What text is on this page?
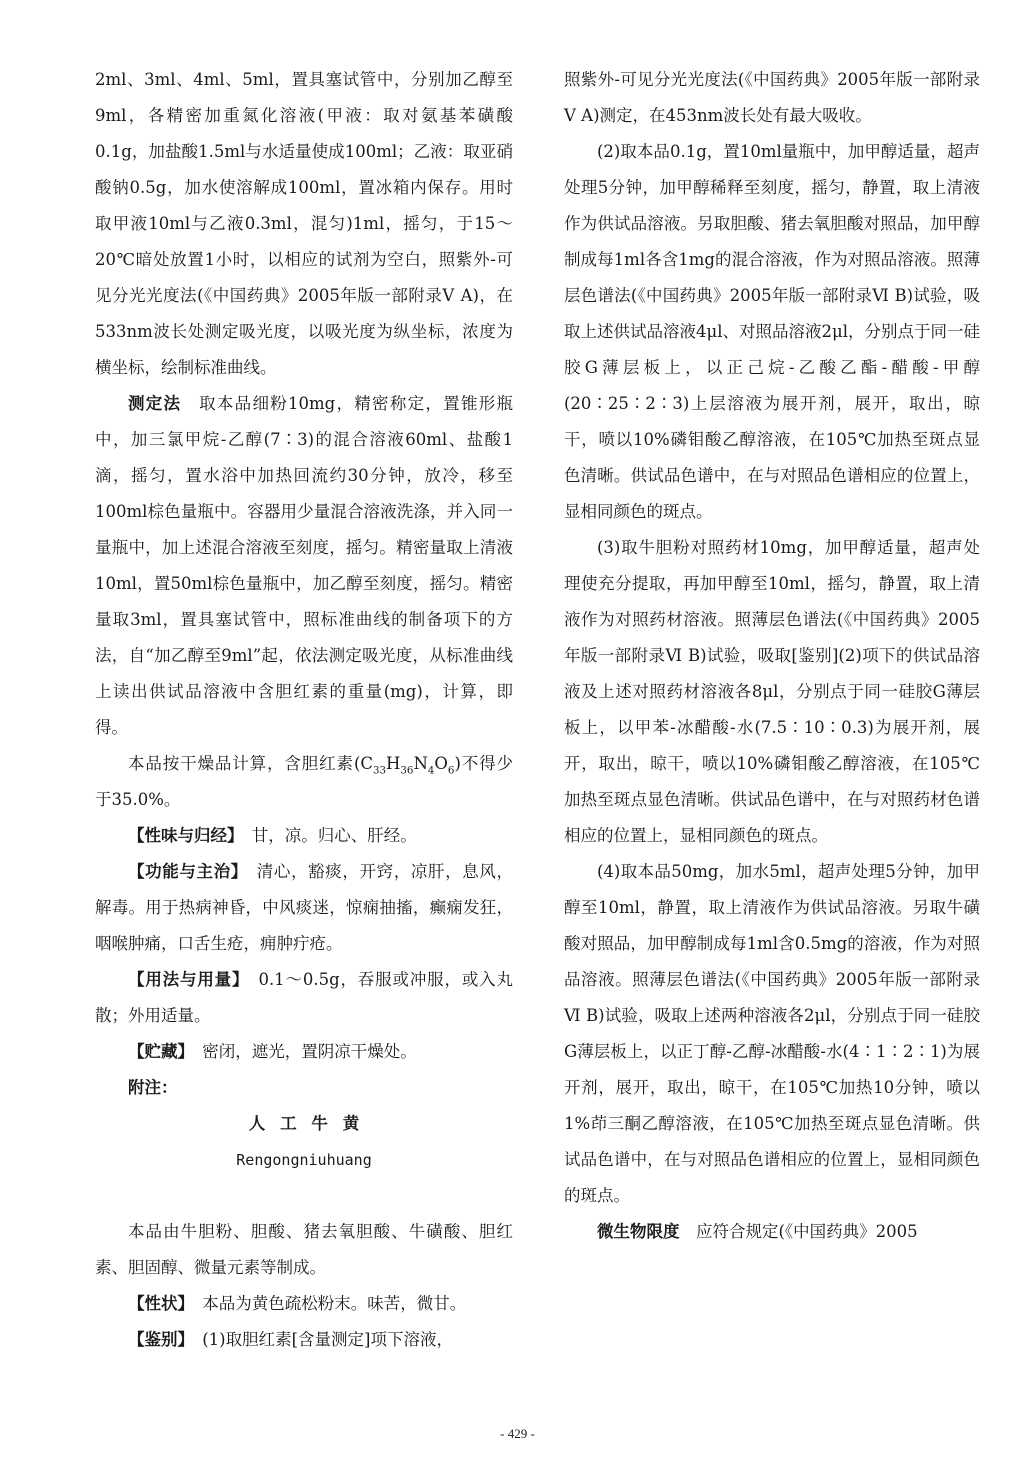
2ml、3ml、4ml、5ml，置具塞试管中，分别加乙醇至9ml，各精密加重氮化溶液(甲液：取对氨基苯磺酸0.1g，加盐酸1.5ml与水适量使成100ml；乙液：取亚硝酸钠0.5g，加水使溶解成100ml，置冰箱内保存。用时取甲液10ml与乙液0.3ml，混匀)1ml，摇匀，于15～20℃暗处放置1小时，以相应的试剂为空白，照紫外-可见分光光度法(《中国药典》2005年版一部附录Ⅴ A)，在533nm波长处测定吸光度，以吸光度为纵坐标，浓度为横坐标，绘制标准曲线。

测定法　取本品细粉10mg，精密称定，置锥形瓶中，加三氯甲烷-乙醇(7∶3)的混合溶液60ml、盐酸1滴，摇匀，置水浴中加热回流约30分钟，放冷，移至100ml棕色量瓶中。容器用少量混合溶液洗涤，并入同一量瓶中，加上述混合溶液至刻度，摇匀。精密量取上清液10ml，置50ml棕色量瓶中，加乙醇至刻度，摇匀。精密量取3ml，置具塞试管中，照标准曲线的制备项下的方法，自“加乙醇至9ml”起，依法测定吸光度，从标准曲线上读出供试品溶液中含胆红素的重量(mg)，计算，即得。

本品按干燥品计算，含胆红素$(C_{33}H_{36}N_4O_6)$不得少于35.0%。

【性味与归经】　甘，凉。归心、肝经。

【功能与主治】　清心，豁痰，开窍，凉肝，息风，解毒。用于热病神昏，中风痰迷，惊痫抽搐，癫痫发狂，咽喉肿痛，口舌生疮，痈肿疔疮。

【用法与用量】　0.1～0.5g，吞服或冲服，或入丸散；外用适量。

【贮藏】　密闭，遮光，置阴凉干燥处。

附注：

人工牛黄

Rengongniuhuang

本品由牛胆粉、胆酸、猪去氧胆酸、牛磺酸、胆红素、胆固醇、微量元素等制成。

【性状】　本品为黄色疏松粉末。味苦，微甘。

【鉴别】　(1)取胆红素[含量测定]项下溶液，

照紫外-可见分光光度法(《中国药典》2005年版一部附录Ⅴ A)测定，在453nm波长处有最大吸收。

(2)取本品0.1g，置10ml量瓶中，加甲醇适量，超声处理5分钟，加甲醇稀释至刻度，摇匀，静置，取上清液作为供试品溶液。另取胆酸、猪去氧胆酸对照品，加甲醇制成每1ml各含1mg的混合溶液，作为对照品溶液。照薄层色谱法(《中国药典》2005年版一部附录Ⅵ B)试验，吸取上述供试品溶液4μl、对照品溶液2μl，分别点于同一硅胶G薄层板上，以正己烷-乙酸乙酯-醋酸-甲醇(20∶25∶2∶3)上层溶液为展开剂，展开，取出，晾干，喷以10%磷钼酸乙醇溶液，在105℃加热至斑点显色清晰。供试品色谱中，在与对照品色谱相应的位置上，显相同颜色的斑点。

(3)取牛胆粉对照药材10mg，加甲醇适量，超声处理使充分提取，再加甲醇至10ml，摇匀，静置，取上清液作为对照药材溶液。照薄层色谱法(《中国药典》2005年版一部附录Ⅵ B)试验，吸取[鉴别](2)项下的供试品溶液及上述对照药材溶液各8μl，分别点于同一硅胶G薄层板上，以甲苯-冰醋酸-水(7.5∶10∶0.3)为展开剂，展开，取出，晾干，喷以10%磷钼酸乙醇溶液，在105℃加热至斑点显色清晰。供试品色谱中，在与对照药材色谱相应的位置上，显相同颜色的斑点。

(4)取本品50mg，加水5ml，超声处理5分钟，加甲醇至10ml，静置，取上清液作为供试品溶液。另取牛磺酸对照品，加甲醇制成每1ml含0.5mg的溶液，作为对照品溶液。照薄层色谱法(《中国药典》2005年版一部附录Ⅵ B)试验，吸取上述两种溶液各2μl，分别点于同一硅胶G薄层板上，以正丁醇-乙醇-冰醋酸-水(4∶1∶2∶1)为展开剂，展开，取出，晾干，在105℃加热10分钟，喷以1%茚三酮乙醇溶液，在105℃加热至斑点显色清晰。供试品色谱中，在与对照品色谱相应的位置上，显相同颜色的斑点。

微生物限度　应符合规定(《中国药典》2005

- 429 -
